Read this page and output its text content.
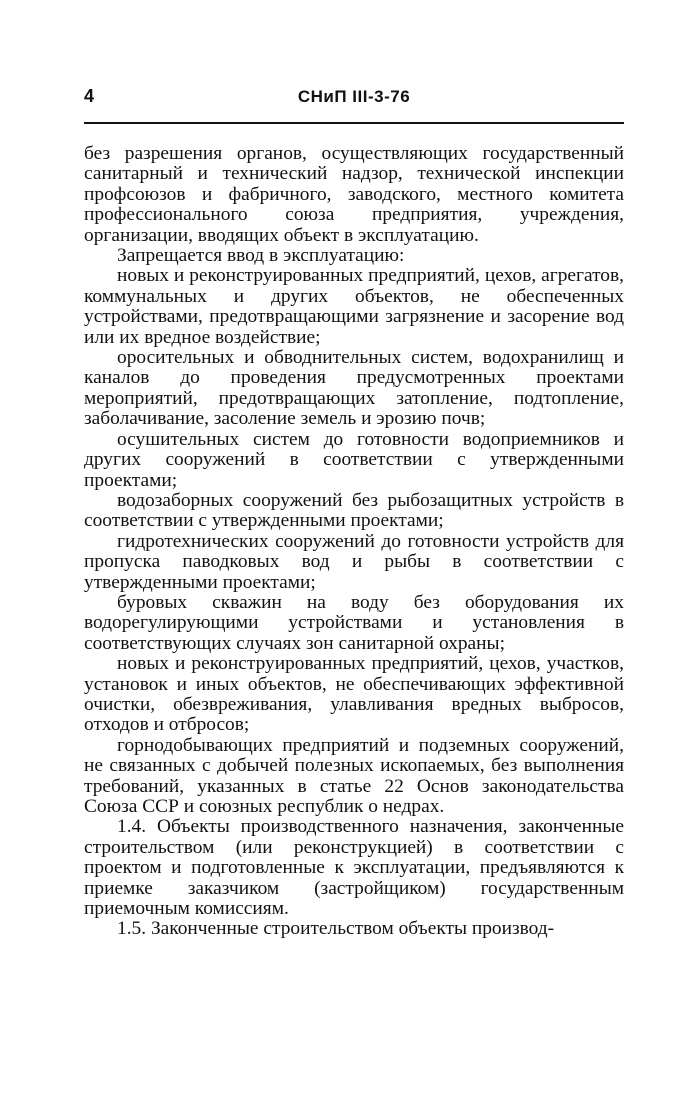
4	СНиП III-3-76

без разрешения органов, осуществляющих государственный санитарный и технический надзор, технической инспекции профсоюзов и фабричного, заводского, местного комитета профессионального союза предприятия, учреждения, организации, вводящих объект в эксплуатацию.

Запрещается ввод в эксплуатацию:

новых и реконструированных предприятий, цехов, агрегатов, коммунальных и других объектов, не обеспеченных устройствами, предотвращающими загрязнение и засорение вод или их вредное воздействие;

оросительных и обводнительных систем, водохранилищ и каналов до проведения предусмотренных проектами мероприятий, предотвращающих затопление, подтопление, заболачивание, засоление земель и эрозию почв;

осушительных систем до готовности водоприемников и других сооружений в соответствии с утвержденными проектами;

водозаборных сооружений без рыбозащитных устройств в соответствии с утвержденными проектами;

гидротехнических сооружений до готовности устройств для пропуска паводковых вод и рыбы в соответствии с утвержденными проектами;

буровых скважин на воду без оборудования их водорегулирующими устройствами и установления в соответствующих случаях зон санитарной охраны;

новых и реконструированных предприятий, цехов, участков, установок и иных объектов, не обеспечивающих эффективной очистки, обезвреживания, улавливания вредных выбросов, отходов и отбросов;

горнодобывающих предприятий и подземных сооружений, не связанных с добычей полезных ископаемых, без выполнения требований, указанных в статье 22 Основ законодательства Союза ССР и союзных республик о недрах.

1.4. Объекты производственного назначения, законченные строительством (или реконструкцией) в соответствии с проектом и подготовленные к эксплуатации, предъявляются к приемке заказчиком (застройщиком) государственным приемочным комиссиям.

1.5. Законченные строительством объекты производ-
